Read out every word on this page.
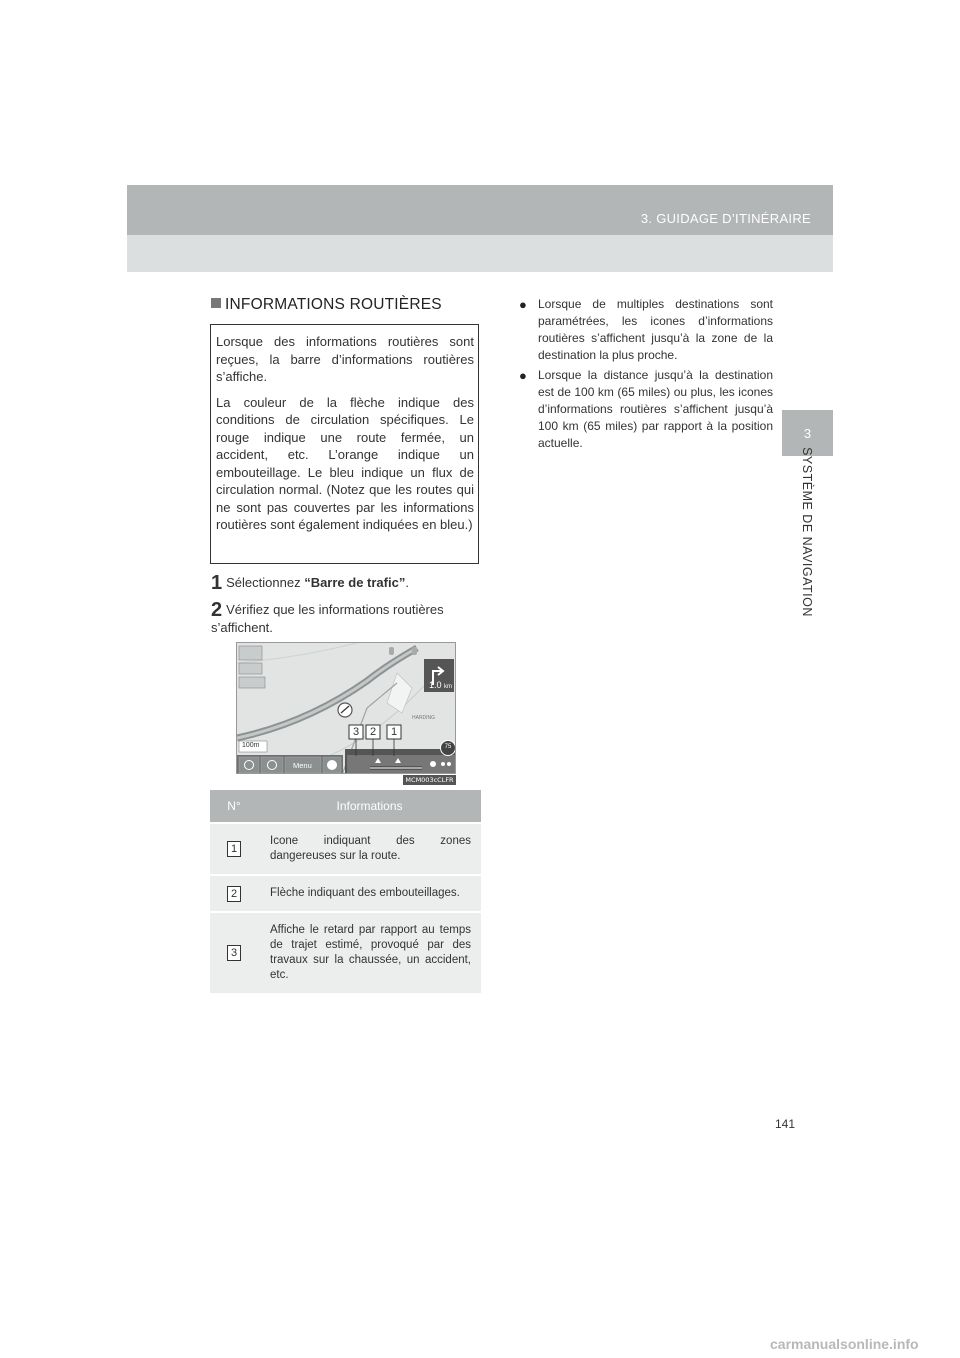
3. GUIDAGE D’ITINÉRAIRE
3
SYSTÈME DE NAVIGATION
INFORMATIONS ROUTIÈRES

Lorsque des informations routières sont reçues, la barre d’informations routières s’affiche.

La couleur de la flèche indique des conditions de circulation spécifiques. Le rouge indique une route fermée, un accident, etc. L’orange indique un embouteillage. Le bleu indique un flux de circulation normal. (Notez que les routes qui ne sont pas couvertes par les informations routières sont également indiquées en bleu.)

1 Sélectionnez “Barre de trafic”.
2 Vérifiez que les informations routières s’affichent.
1.0 km
100m
Menu
75
HARDING
3 2	1
MCM003cCLFR
N°	Informations
1	Icone indiquant des zones dangereuses sur la route.
2	Flèche indiquant des embouteillages.
3	Affiche le retard par rapport au temps de trajet estimé, provoqué par des travaux sur la chaussée, un accident, etc.
● Lorsque de multiples destinations sont paramétrées, les icones d’informations routières s’affichent jusqu’à la zone de la destination la plus proche.
● Lorsque la distance jusqu’à la destination est de 100 km (65 miles) ou plus, les icones d’informations routières s’affichent jusqu’à 100 km (65 miles) par rapport à la position actuelle.
141
carmanualsonline.info
